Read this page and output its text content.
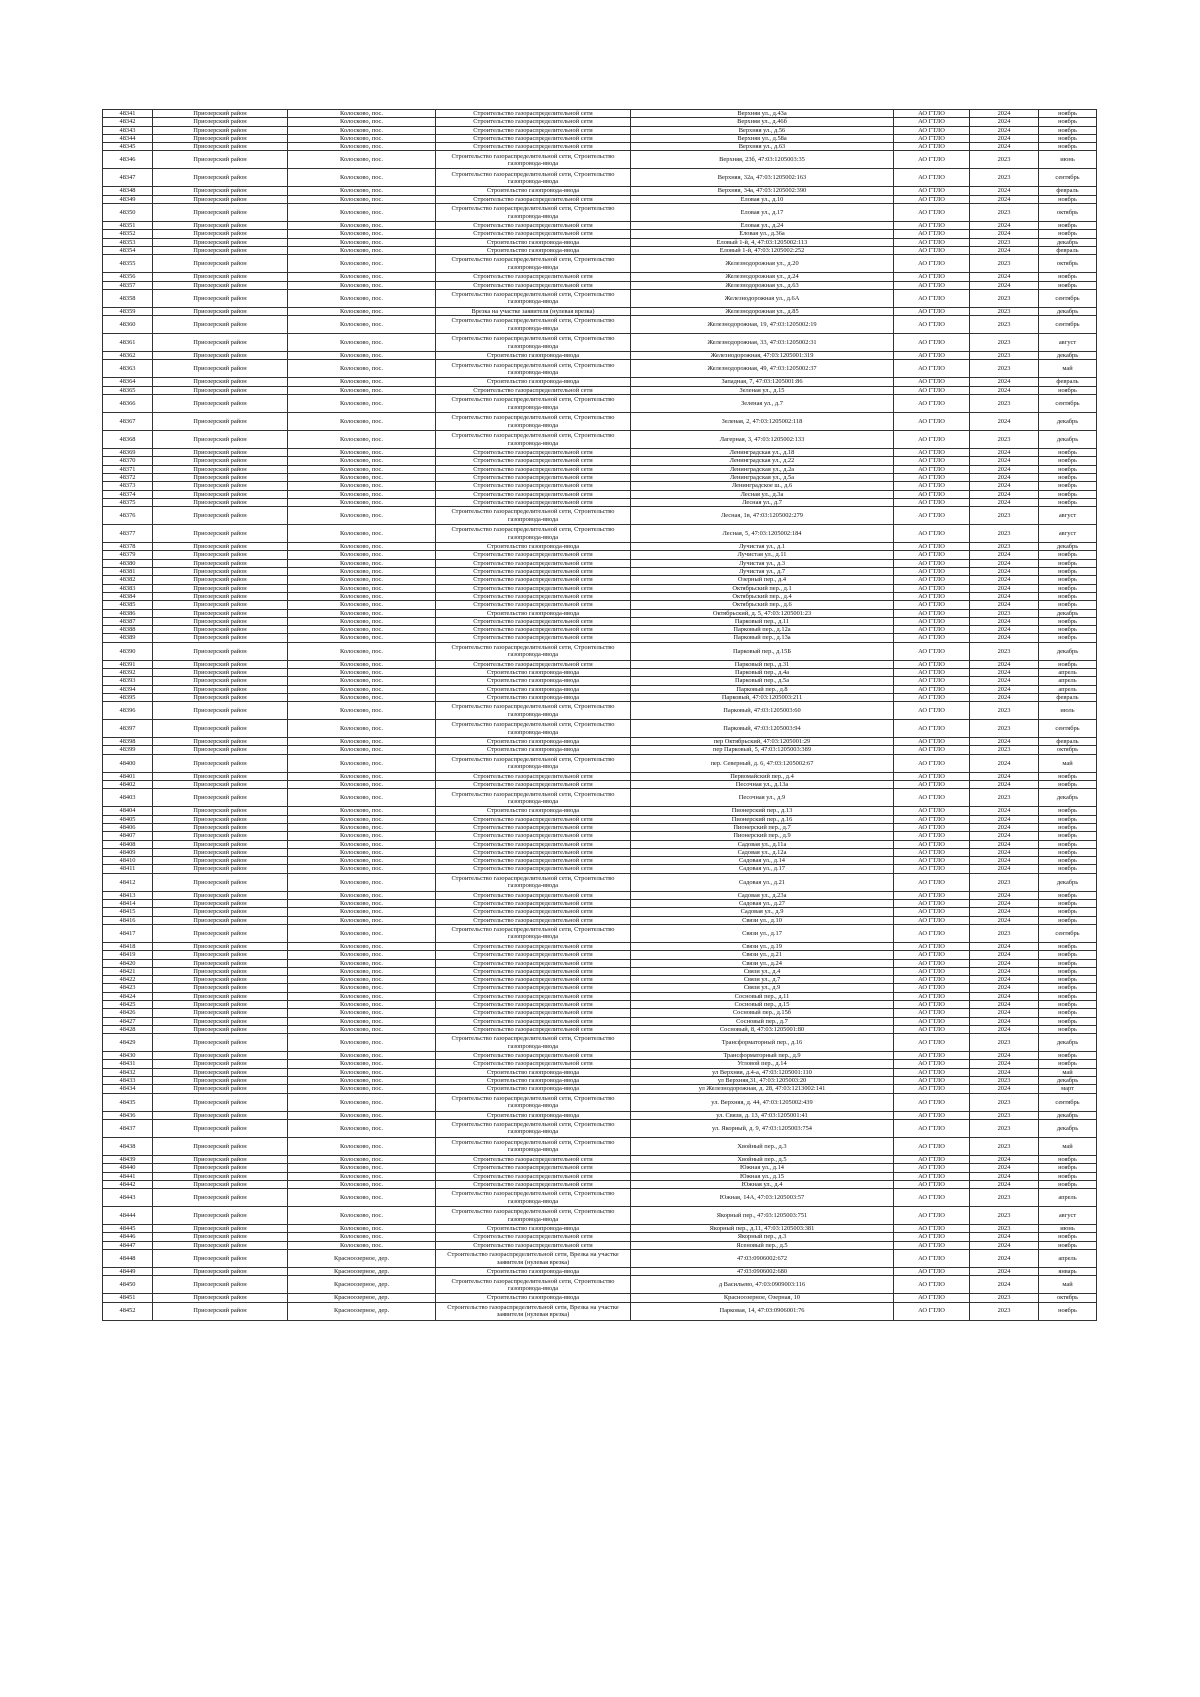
48341	Приозерский район	Колосково, пос.	Строительство газораспределительной сети	Верхняя ул., д.43а	АО ГТЛО	2024	ноябрь
48342	Приозерский район	Колосково, пос.	Строительство газораспределительной сети	Верхняя ул., д.46б	АО ГТЛО	2024	ноябрь
48343	Приозерский район	Колосково, пос.	Строительство газораспределительной сети	Верхняя ул., д.56	АО ГТЛО	2024	ноябрь
48344	Приозерский район	Колосково, пос.	Строительство газораспределительной сети	Верхняя ул., д.58а	АО ГТЛО	2024	ноябрь
48345	Приозерский район	Колосково, пос.	Строительство газораспределительной сети	Верхняя ул., д.63	АО ГТЛО	2024	ноябрь
48346	Приозерский район	Колосково, пос.	Строительство газораспределительной сети, Строительство газопровода-ввода	Верхняя, 23б, 47:03:1205003:35	АО ГТЛО	2023	июнь
48347	Приозерский район	Колосково, пос.	Строительство газораспределительной сети, Строительство газопровода-ввода	Верхняя, 32а, 47:03:1205002:163	АО ГТЛО	2023	сентябрь
48348	Приозерский район	Колосково, пос.	Строительство газопровода-ввода	Верхняя, 34а, 47:03:1205002:390	АО ГТЛО	2024	февраль
48349	Приозерский район	Колосково, пос.	Строительство газораспределительной сети	Еловая ул., д.10	АО ГТЛО	2024	ноябрь
48350	Приозерский район	Колосково, пос.	Строительство газораспределительной сети, Строительство газопровода-ввода	Еловая ул., д.17	АО ГТЛО	2023	октябрь
48351	Приозерский район	Колосково, пос.	Строительство газораспределительной сети	Еловая ул., д.24	АО ГТЛО	2024	ноябрь
48352	Приозерский район	Колосково, пос.	Строительство газораспределительной сети	Еловая ул., д.36а	АО ГТЛО	2024	ноябрь
48353	Приозерский район	Колосково, пос.	Строительство газопровода-ввода	Еловый 1-й, 4, 47:03:1205002:113	АО ГТЛО	2023	декабрь
48354	Приозерский район	Колосково, пос.	Строительство газопровода-ввода	Еловый 1-й, 47:03:1205002:252	АО ГТЛО	2024	февраль
48355	Приозерский район	Колосково, пос.	Строительство газораспределительной сети, Строительство газопровода-ввода	Железнодорожная ул., д.20	АО ГТЛО	2023	октябрь
48356	Приозерский район	Колосково, пос.	Строительство газораспределительной сети	Железнодорожная ул., д.24	АО ГТЛО	2024	ноябрь
48357	Приозерский район	Колосково, пос.	Строительство газораспределительной сети	Железнодорожная ул., д.63	АО ГТЛО	2024	ноябрь
48358	Приозерский район	Колосково, пос.	Строительство газораспределительной сети, Строительство газопровода-ввода	Железнодорожная ул., д.6А	АО ГТЛО	2023	сентябрь
48359	Приозерский район	Колосково, пос.	Врезка на участке заявителя (нулевая врезка)	Железнодорожная ул., д.85	АО ГТЛО	2023	декабрь
48360	Приозерский район	Колосково, пос.	Строительство газораспределительной сети, Строительство газопровода-ввода	Железнодорожная, 19, 47:03:1205002:19	АО ГТЛО	2023	сентябрь
48361	Приозерский район	Колосково, пос.	Строительство газораспределительной сети, Строительство газопровода-ввода	Железнодорожная, 33, 47:03:1205002:31	АО ГТЛО	2023	август
48362	Приозерский район	Колосково, пос.	Строительство газопровода-ввода	Железнодорожная, 47:03:1205001:319	АО ГТЛО	2023	декабрь
48363	Приозерский район	Колосково, пос.	Строительство газораспределительной сети, Строительство газопровода-ввода	Железнодорожная, 49, 47:03:1205002:37	АО ГТЛО	2023	май
48364	Приозерский район	Колосково, пос.	Строительство газопровода-ввода	Западная, 7, 47:03:1205001:86	АО ГТЛО	2024	февраль
48365	Приозерский район	Колосково, пос.	Строительство газораспределительной сети	Зеленая ул., д.15	АО ГТЛО	2024	ноябрь
48366	Приозерский район	Колосково, пос.	Строительство газораспределительной сети, Строительство газопровода-ввода	Зеленая ул., д.7	АО ГТЛО	2023	сентябрь
48367	Приозерский район	Колосково, пос.	Строительство газораспределительной сети, Строительство газопровода-ввода	Зеленая, 2, 47:03:1205002:118	АО ГТЛО	2024	декабрь
48368	Приозерский район	Колосково, пос.	Строительство газораспределительной сети, Строительство газопровода-ввода	Лагерная, 3, 47:03:1205002:133	АО ГТЛО	2023	декабрь
48369	Приозерский район	Колосково, пос.	Строительство газораспределительной сети	Ленинградская ул., д.18	АО ГТЛО	2024	ноябрь
48370	Приозерский район	Колосково, пос.	Строительство газораспределительной сети	Ленинградская ул., д.22	АО ГТЛО	2024	ноябрь
48371	Приозерский район	Колосково, пос.	Строительство газораспределительной сети	Ленинградская ул., д.2а	АО ГТЛО	2024	ноябрь
48372	Приозерский район	Колосково, пос.	Строительство газораспределительной сети	Ленинградская ул., д.5а	АО ГТЛО	2024	ноябрь
48373	Приозерский район	Колосково, пос.	Строительство газораспределительной сети	Ленинградское ш., д.6	АО ГТЛО	2024	ноябрь
48374	Приозерский район	Колосково, пос.	Строительство газораспределительной сети	Лесная ул., д.3а	АО ГТЛО	2024	ноябрь
48375	Приозерский район	Колосково, пос.	Строительство газораспределительной сети	Лесная ул., д.7	АО ГТЛО	2024	ноябрь
48376	Приозерский район	Колосково, пос.	Строительство газораспределительной сети, Строительство газопровода-ввода	Лесная, 1в, 47:03:1205002:279	АО ГТЛО	2023	август
48377	Приозерский район	Колосково, пос.	Строительство газораспределительной сети, Строительство газопровода-ввода	Лесная, 5, 47:03:1205002:184	АО ГТЛО	2023	август
48378	Приозерский район	Колосково, пос.	Строительство газопровода-ввода	Лучистая ул., д.1	АО ГТЛО	2023	декабрь
48379	Приозерский район	Колосково, пос.	Строительство газораспределительной сети	Лучистая ул., д.11	АО ГТЛО	2024	ноябрь
48380	Приозерский район	Колосково, пос.	Строительство газораспределительной сети	Лучистая ул., д.3	АО ГТЛО	2024	ноябрь
48381	Приозерский район	Колосково, пос.	Строительство газораспределительной сети	Лучистая ул., д.7	АО ГТЛО	2024	ноябрь
48382	Приозерский район	Колосково, пос.	Строительство газораспределительной сети	Озерный пер., д.4	АО ГТЛО	2024	ноябрь
48383	Приозерский район	Колосково, пос.	Строительство газораспределительной сети	Октябрьский пер., д.1	АО ГТЛО	2024	ноябрь
48384	Приозерский район	Колосково, пос.	Строительство газораспределительной сети	Октябрьский пер., д.4	АО ГТЛО	2024	ноябрь
48385	Приозерский район	Колосково, пос.	Строительство газораспределительной сети	Октябрьский пер., д.6	АО ГТЛО	2024	ноябрь
48386	Приозерский район	Колосково, пос.	Строительство газопровода-ввода	Октябрьский, д. 5, 47:03:1205001:23	АО ГТЛО	2023	декабрь
48387	Приозерский район	Колосково, пос.	Строительство газораспределительной сети	Парковый пер., д.11	АО ГТЛО	2024	ноябрь
48388	Приозерский район	Колосково, пос.	Строительство газораспределительной сети	Парковый пер., д.12а	АО ГТЛО	2024	ноябрь
48389	Приозерский район	Колосково, пос.	Строительство газораспределительной сети	Парковый пер., д.13а	АО ГТЛО	2024	ноябрь
48390	Приозерский район	Колосково, пос.	Строительство газораспределительной сети, Строительство газопровода-ввода	Парковый пер., д.15Б	АО ГТЛО	2023	декабрь
48391	Приозерский район	Колосково, пос.	Строительство газораспределительной сети	Парковый пер., д.31	АО ГТЛО	2024	ноябрь
48392	Приозерский район	Колосково, пос.	Строительство газопровода-ввода	Парковый пер., д.4а	АО ГТЛО	2024	апрель
48393	Приозерский район	Колосково, пос.	Строительство газопровода-ввода	Парковый пер., д.5а	АО ГТЛО	2024	апрель
48394	Приозерский район	Колосково, пос.	Строительство газопровода-ввода	Парковый пер., д.8	АО ГТЛО	2024	апрель
48395	Приозерский район	Колосково, пос.	Строительство газопровода-ввода	Парковый, 47:03:1205003:211	АО ГТЛО	2024	февраль
48396	Приозерский район	Колосково, пос.	Строительство газораспределительной сети, Строительство газопровода-ввода	Парковый, 47:03:1205003:60	АО ГТЛО	2023	июль
48397	Приозерский район	Колосково, пос.	Строительство газораспределительной сети, Строительство газопровода-ввода	Парковый, 47:03:1205003:94	АО ГТЛО	2023	сентябрь
48398	Приозерский район	Колосково, пос.	Строительство газопровода-ввода	пер Октябрьский, 47:03:1205001:29	АО ГТЛО	2024	февраль
48399	Приозерский район	Колосково, пос.	Строительство газопровода-ввода	пер Парковый, 5, 47:03:1205003:389	АО ГТЛО	2023	октябрь
48400	Приозерский район	Колосково, пос.	Строительство газораспределительной сети, Строительство газопровода-ввода	пер. Северный, д. 6, 47:03:1205002:67	АО ГТЛО	2024	май
48401	Приозерский район	Колосково, пос.	Строительство газораспределительной сети	Первомайский пер., д.4	АО ГТЛО	2024	ноябрь
48402	Приозерский район	Колосково, пос.	Строительство газораспределительной сети	Песочная ул., д.13а	АО ГТЛО	2024	ноябрь
48403	Приозерский район	Колосково, пос.	Строительство газораспределительной сети, Строительство газопровода-ввода	Песочная ул., д.9	АО ГТЛО	2023	декабрь
48404	Приозерский район	Колосково, пос.	Строительство газопровода-ввода	Пионерский пер., д.13	АО ГТЛО	2024	ноябрь
48405	Приозерский район	Колосково, пос.	Строительство газораспределительной сети	Пионерский пер., д.16	АО ГТЛО	2024	ноябрь
48406	Приозерский район	Колосково, пос.	Строительство газораспределительной сети	Пионерский пер., д.7	АО ГТЛО	2024	ноябрь
48407	Приозерский район	Колосково, пос.	Строительство газораспределительной сети	Пионерский пер., д.9	АО ГТЛО	2024	ноябрь
48408	Приозерский район	Колосково, пос.	Строительство газораспределительной сети	Садовая ул., д.11а	АО ГТЛО	2024	ноябрь
48409	Приозерский район	Колосково, пос.	Строительство газораспределительной сети	Садовая ул., д.12а	АО ГТЛО	2024	ноябрь
48410	Приозерский район	Колосково, пос.	Строительство газораспределительной сети	Садовая ул., д.14	АО ГТЛО	2024	ноябрь
48411	Приозерский район	Колосково, пос.	Строительство газораспределительной сети	Садовая ул., д.17	АО ГТЛО	2024	ноябрь
48412	Приозерский район	Колосково, пос.	Строительство газораспределительной сети, Строительство газопровода-ввода	Садовая ул., д.21	АО ГТЛО	2023	декабрь
48413	Приозерский район	Колосково, пос.	Строительство газораспределительной сети	Садовая ул., д.23а	АО ГТЛО	2024	ноябрь
48414	Приозерский район	Колосково, пос.	Строительство газораспределительной сети	Садовая ул., д.27	АО ГТЛО	2024	ноябрь
48415	Приозерский район	Колосково, пос.	Строительство газораспределительной сети	Садовая ул., д.9	АО ГТЛО	2024	ноябрь
48416	Приозерский район	Колосково, пос.	Строительство газораспределительной сети	Связи ул., д.10	АО ГТЛО	2024	ноябрь
48417	Приозерский район	Колосково, пос.	Строительство газораспределительной сети, Строительство газопровода-ввода	Связи ул., д.17	АО ГТЛО	2023	сентябрь
48418	Приозерский район	Колосково, пос.	Строительство газораспределительной сети	Связи ул., д.19	АО ГТЛО	2024	ноябрь
48419	Приозерский район	Колосково, пос.	Строительство газораспределительной сети	Связи ул., д.21	АО ГТЛО	2024	ноябрь
48420	Приозерский район	Колосково, пос.	Строительство газораспределительной сети	Связи ул., д.24	АО ГТЛО	2024	ноябрь
48421	Приозерский район	Колосково, пос.	Строительство газораспределительной сети	Связи ул., д.4	АО ГТЛО	2024	ноябрь
48422	Приозерский район	Колосково, пос.	Строительство газораспределительной сети	Связи ул., д.7	АО ГТЛО	2024	ноябрь
48423	Приозерский район	Колосково, пос.	Строительство газораспределительной сети	Связи ул., д.9	АО ГТЛО	2024	ноябрь
48424	Приозерский район	Колосково, пос.	Строительство газораспределительной сети	Сосновый пер., д.11	АО ГТЛО	2024	ноябрь
48425	Приозерский район	Колосково, пос.	Строительство газораспределительной сети	Сосновый пер., д.15	АО ГТЛО	2024	ноябрь
48426	Приозерский район	Колосково, пос.	Строительство газораспределительной сети	Сосновый пер., д.15б	АО ГТЛО	2024	ноябрь
48427	Приозерский район	Колосково, пос.	Строительство газораспределительной сети	Сосновый пер., д.7	АО ГТЛО	2024	ноябрь
48428	Приозерский район	Колосково, пос.	Строительство газораспределительной сети	Сосновый, 8, 47:03:1205001:80	АО ГТЛО	2024	ноябрь
48429	Приозерский район	Колосково, пос.	Строительство газораспределительной сети, Строительство газопровода-ввода	Трансформаторный пер., д.16	АО ГТЛО	2023	декабрь
48430	Приозерский район	Колосково, пос.	Строительство газораспределительной сети	Трансформаторный пер., д.9	АО ГТЛО	2024	ноябрь
48431	Приозерский район	Колосково, пос.	Строительство газораспределительной сети	Угловой пер., д.14	АО ГТЛО	2024	ноябрь
48432	Приозерский район	Колосково, пос.	Строительство газопровода-ввода	ул Верхняя, д.4-а, 47:03:1205001:110	АО ГТЛО	2024	май
48433	Приозерский район	Колосково, пос.	Строительство газопровода-ввода	ул Верхняя,31, 47:03:1205003:20	АО ГТЛО	2023	декабрь
48434	Приозерский район	Колосково, пос.	Строительство газопровода-ввода	ул Железнодорожная, д. 28, 47:03:1213002:141	АО ГТЛО	2024	март
48435	Приозерский район	Колосково, пос.	Строительство газораспределительной сети, Строительство газопровода-ввода	ул. Верхняя, д. 44, 47:03:1205002:439	АО ГТЛО	2023	сентябрь
48436	Приозерский район	Колосково, пос.	Строительство газопровода-ввода	ул. Связи, д. 13, 47:03:1205001:41	АО ГТЛО	2023	декабрь
48437	Приозерский район	Колосково, пос.	Строительство газораспределительной сети, Строительство газопровода-ввода	ул. Якорный, д. 9, 47:03:1205003:754	АО ГТЛО	2023	декабрь
48438	Приозерский район	Колосково, пос.	Строительство газораспределительной сети, Строительство газопровода-ввода	Хвойный пер., д.3	АО ГТЛО	2023	май
48439	Приозерский район	Колосково, пос.	Строительство газораспределительной сети	Хвойный пер., д.5	АО ГТЛО	2024	ноябрь
48440	Приозерский район	Колосково, пос.	Строительство газораспределительной сети	Южная ул., д.14	АО ГТЛО	2024	ноябрь
48441	Приозерский район	Колосково, пос.	Строительство газораспределительной сети	Южная ул., д.15	АО ГТЛО	2024	ноябрь
48442	Приозерский район	Колосково, пос.	Строительство газораспределительной сети	Южная ул., д.4	АО ГТЛО	2024	ноябрь
48443	Приозерский район	Колосково, пос.	Строительство газораспределительной сети, Строительство газопровода-ввода	Южная, 14А, 47:03:1205003:57	АО ГТЛО	2023	апрель
48444	Приозерский район	Колосково, пос.	Строительство газораспределительной сети, Строительство газопровода-ввода	Якорный пер., 47:03:1205003:751	АО ГТЛО	2023	август
48445	Приозерский район	Колосково, пос.	Строительство газопровода-ввода	Якорный пер., д.11, 47:03:1205003:381	АО ГТЛО	2023	июнь
48446	Приозерский район	Колосково, пос.	Строительство газораспределительной сети	Якорный пер., д.3	АО ГТЛО	2024	ноябрь
48447	Приозерский район	Колосково, пос.	Строительство газораспределительной сети	Ясеновый пер., д.5	АО ГТЛО	2024	ноябрь
48448	Приозерский район	Красноозерное, дер.	Строительство газораспределительной сети, Врезка на участке заявителя (нулевая врезка)	47:03:0906002:672	АО ГТЛО	2024	апрель
48449	Приозерский район	Красноозерное, дер.	Строительство газопровода-ввода	47:03:0906002:680	АО ГТЛО	2024	январь
48450	Приозерский район	Красноозерное, дер.	Строительство газораспределительной сети, Строительство газопровода-ввода	д Васильево, 47:03:0909003:116	АО ГТЛО	2024	май
48451	Приозерский район	Красноозерное, дер.	Строительство газопровода-ввода	Красноозерное, Озерная, 10	АО ГТЛО	2023	октябрь
48452	Приозерский район	Красноозерное, дер.	Строительство газораспределительной сети, Врезка на участке заявителя (нулевая врезка)	Парковая, 14, 47:03:0906001:76	АО ГТЛО	2023	ноябрь
